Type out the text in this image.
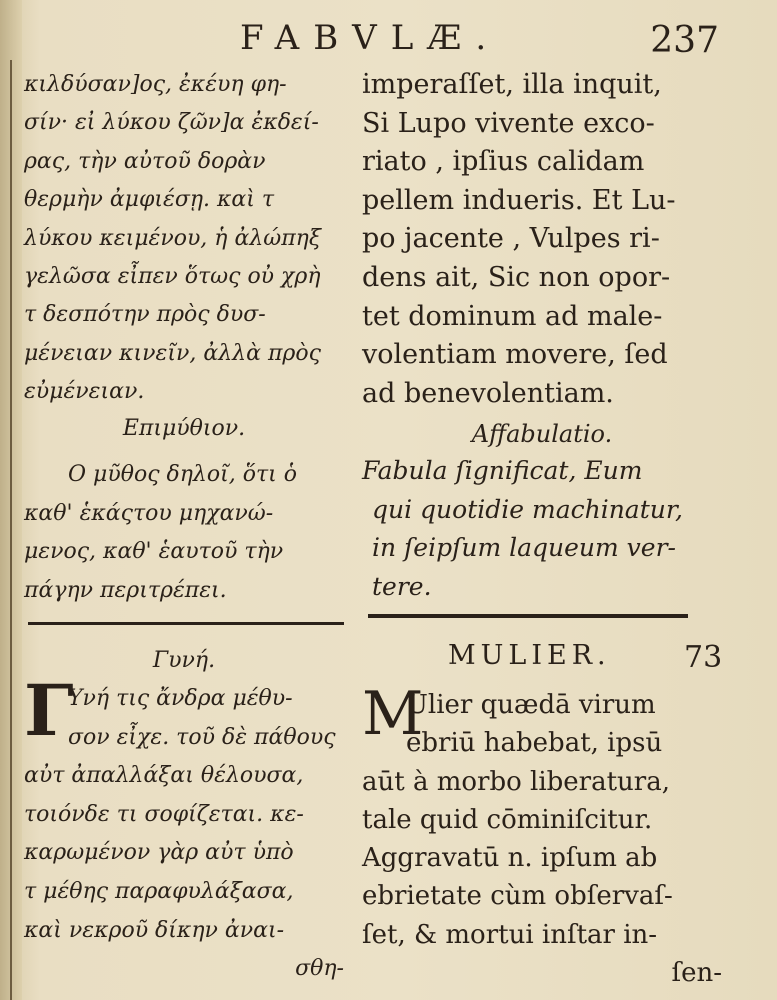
FABVLÆ.	237
κιλδύσαν]ος, ἐκέυη φη-
σίν· εἰ λύκου ζῶν]α ἐκδεί-
ρας, τὴν αὐτοῦ δορὰν
θερμὴν ἀμφιέσῃ. καὶ τ
λύκου κειμένου, ἡ ἀλώπηξ
γελῶσα εἶπεν ὅτως οὐ χρὴ
τ δεσπότην πρὸς δυσ-
μένειαν κινεῖν, ἀλλὰ πρὸς
εὐμένειαν.
Επιμύθιον.
Ο μῦθος δηλοῖ, ὅτι ὁ
καθ' ἑκάςτου μηχανώ-
μενος, καθ' ἑαυτοῦ τὴν
πάγην περιτρέπει.
Γυνή.
Γ
Υνή τις ἄνδρα μέθυ-
σον εἶχε. τοῦ δὲ πάθους
αὐτ ἀπαλλάξαι θέλουσα,
τοιόνδε τι σοφίζεται. κε-
καρωμένον γὰρ αὐτ ὑπὸ
τ μέθης παραφυλάξασα,
καὶ νεκροῦ δίκην ἀναι-
σθη-
imperaſſet, illa inquit,
Si Lupo vivente exco-
riato , ipſius calidam
pellem indueris. Et Lu-
po jacente , Vulpes ri-
dens ait, Sic non opor-
tet dominum ad male-
volentiam movere, ſed
ad benevolentiam.
Affabulatio.
Fabula ſignificat, Eum
qui quotidie machinatur,
in ſeipſum laqueum ver-
tere.
MULIER. 73
M
Ulier quædā virum
ebriū habebat, ipsū
aūt à morbo liberatura,
tale quid cōminiſcitur.
Aggravatū n. ipſum ab
ebrietate cùm obſervaſ-
ſet, & mortui inſtar in-
ſen-
